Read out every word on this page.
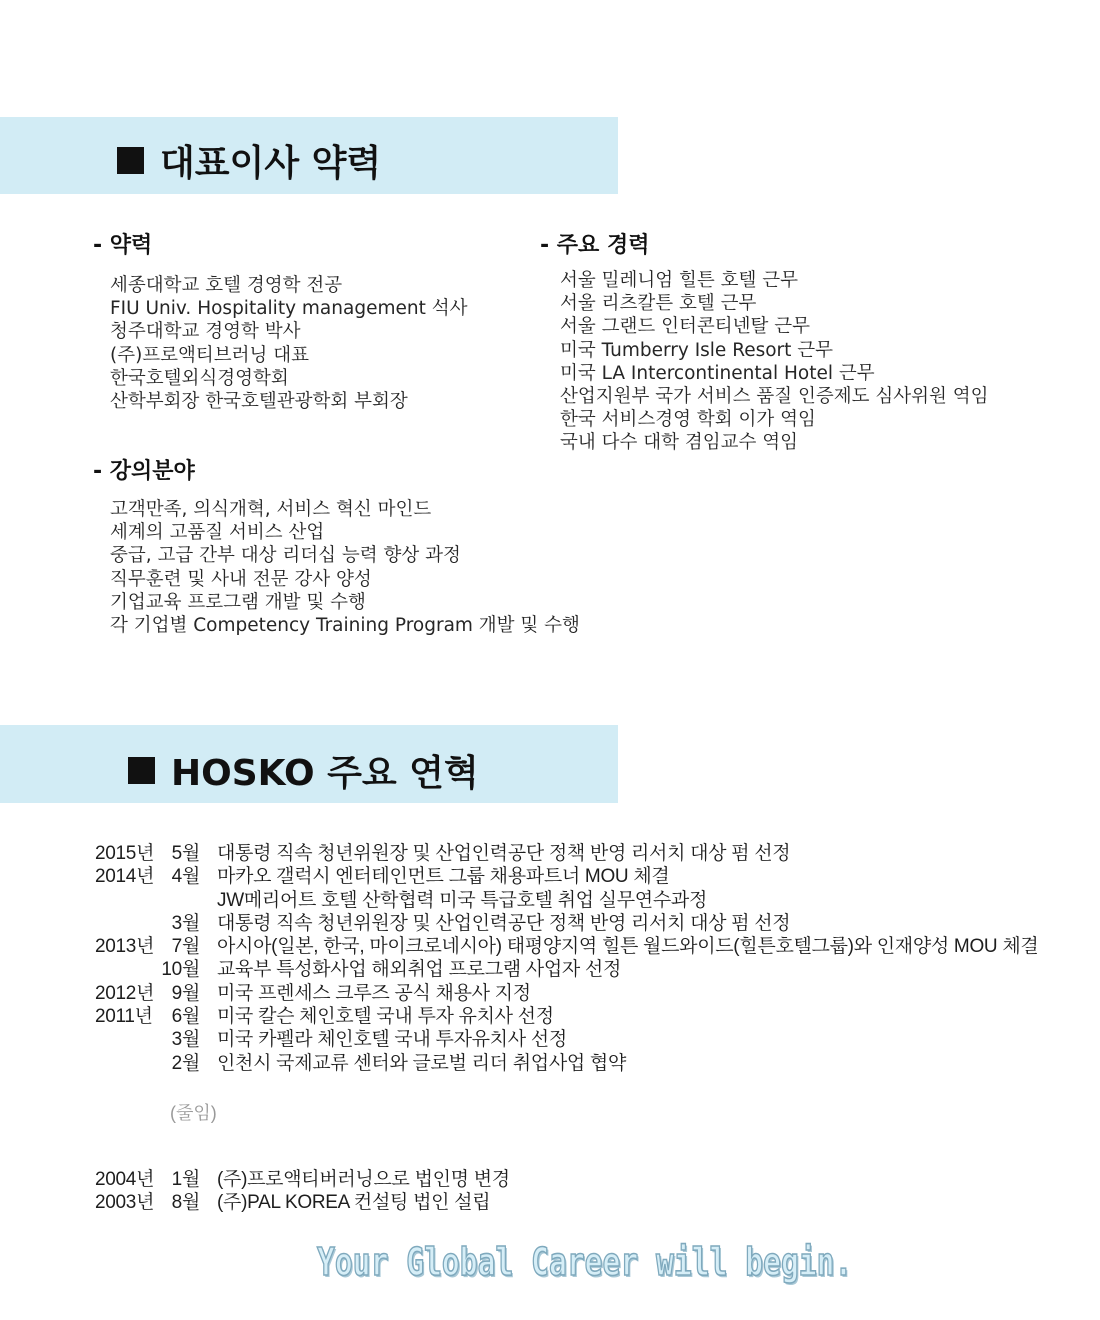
대표이사 약력
- 약력
세종대학교 호텔 경영학 전공
FIU Univ. Hospitality management 석사
청주대학교 경영학 박사
(주)프로액티브러닝 대표
한국호텔외식경영학회
산학부회장 한국호텔관광학회 부회장
- 주요 경력
서울 밀레니엄 힐튼 호텔 근무
서울 리츠칼튼 호텔 근무
서울 그랜드 인터콘티넨탈 근무
미국 Tumberry Isle Resort 근무
미국 LA Intercontinental Hotel 근무
산업지원부 국가 서비스 품질 인증제도 심사위원 역임
한국 서비스경영 학회 이가 역임
국내 다수 대학 겸임교수 역임
- 강의분야
고객만족, 의식개혁, 서비스 혁신 마인드
세계의 고품질 서비스 산업
중급, 고급 간부 대상 리더십 능력 향상 과정
직무훈련 및 사내 전문 강사 양성
기업교육 프로그램 개발 및 수행
각 기업별 Competency Training Program 개발 및 수행
HOSKO 주요 연혁
2015년 5월 대통령 직속 청년위원장 및 산업인력공단 정책 반영 리서치 대상 펌 선정
2014년 4월 마카오 갤럭시 엔터테인먼트 그룹 채용파트너 MOU 체결
JW메리어트 호텔 산학협력 미국 특급호텔 취업 실무연수과정
3월 대통령 직속 청년위원장 및 산업인력공단 정책 반영 리서치 대상 펌 선정
2013년 7월 아시아(일본, 한국, 마이크로네시아) 태평양지역 힐튼 월드와이드(힐튼호텔그룹)와 인재양성 MOU 체결
10월 교육부 특성화사업 해외취업 프로그램 사업자 선정
2012년 9월 미국 프렌세스 크루즈 공식 채용사 지정
2011년 6월 미국 칼슨 체인호텔 국내 투자 유치사 선정
3월 미국 카펠라 체인호텔 국내 투자유치사 선정
2월 인천시 국제교류 센터와 글로벌 리더 취업사업 협약
(줄임)
2004년 1월 (주)프로액티버러닝으로 법인명 변경
2003년 8월 (주)PAL KOREA 컨설팅 법인 설립
Your Global Career will begin.
